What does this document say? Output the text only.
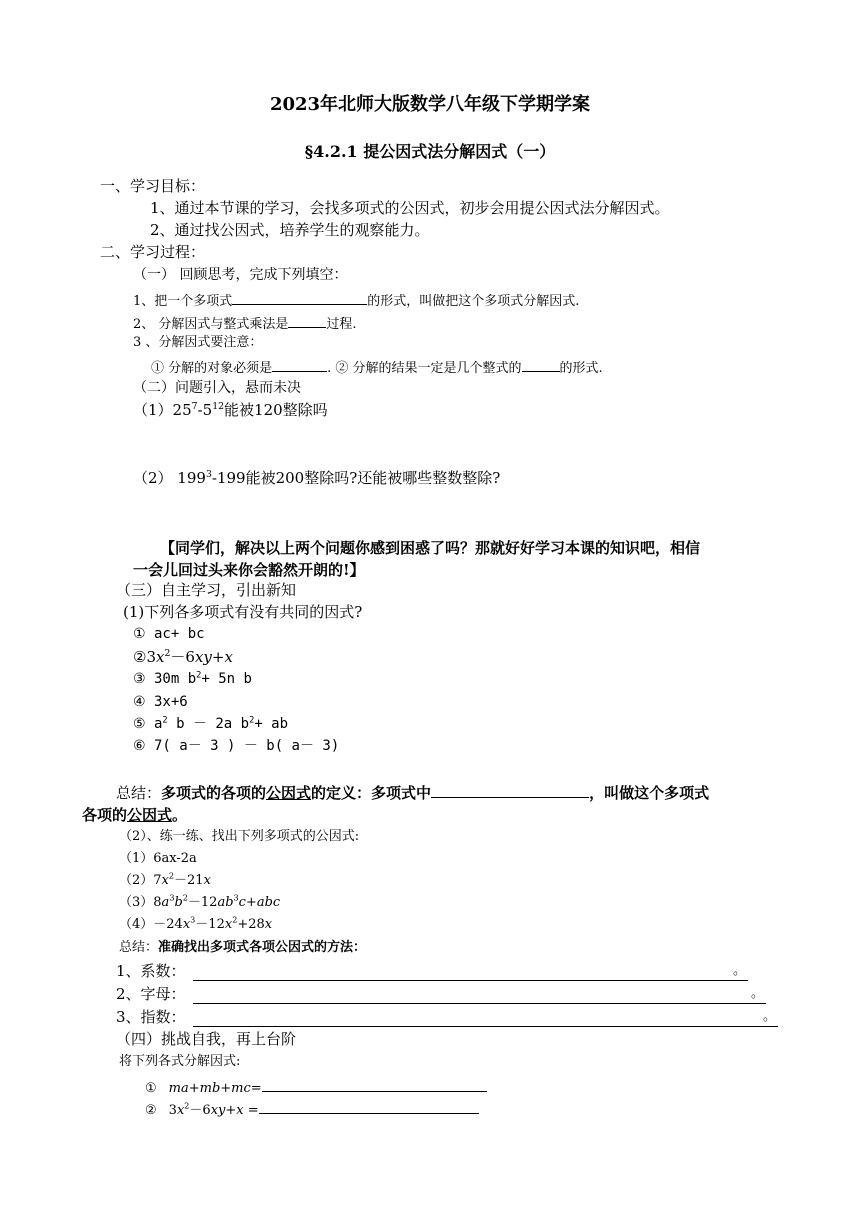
2023年北师大版数学八年级下学期学案
§4.2.1 提公因式法分解因式（一）
一、学习目标：
1、通过本节课的学习，会找多项式的公因式，初步会用提公因式法分解因式。
2、通过找公因式，培养学生的观察能力。
二、学习过程：
（一） 回顾思考，完成下列填空：
1、把一个多项式	的形式，叫做把这个多项式分解因式.
2、 分解因式与整式乘法是	过程.
3 、分解因式要注意：
① 分解的对象必须是	. ② 分解的结果一定是几个整式的	的形式.
（二）问题引入，悬而未决
$(1)25^7-5^{12}$能被120整除吗
（2） $199^3-199$能被200整除吗?还能被哪些整数整除?
【同学们，解决以上两个问题你感到困惑了吗？那就好好学习本课的知识吧，相信
一会儿回过头来你会豁然开朗的!】
（三）自主学习，引出新知
(1)下列各多项式有没有共同的因式?
① ac+ bc
$②3x^2-6xy+x$
③ 30m $b^2+ 5n$ b
④ 3x+6
⑤ $a^2$ b － 2a $b^2+$ ab
⑥ 7( a－ 3 ) － b( a－ 3)
总结：多项式的各项的公因式的定义：多项式中	，叫做这个多项式
各项的公因式。
（2）、练一练、找出下列多项式的公因式:
（1）6ax-2a
$(2)7x^2-21x$
$(3)8a^3b^2-12ab^3c+abc$
$(4)-24x^3-12x^2+28x$
总结：准确找出多项式各项公因式的方法：
1、系数：	。
2、字母：	。
3、指数：	。
（四）挑战自我，再上台阶
将下列各式分解因式:
① ma+mb+mc=
② $3x^2-6xy+x$ =
